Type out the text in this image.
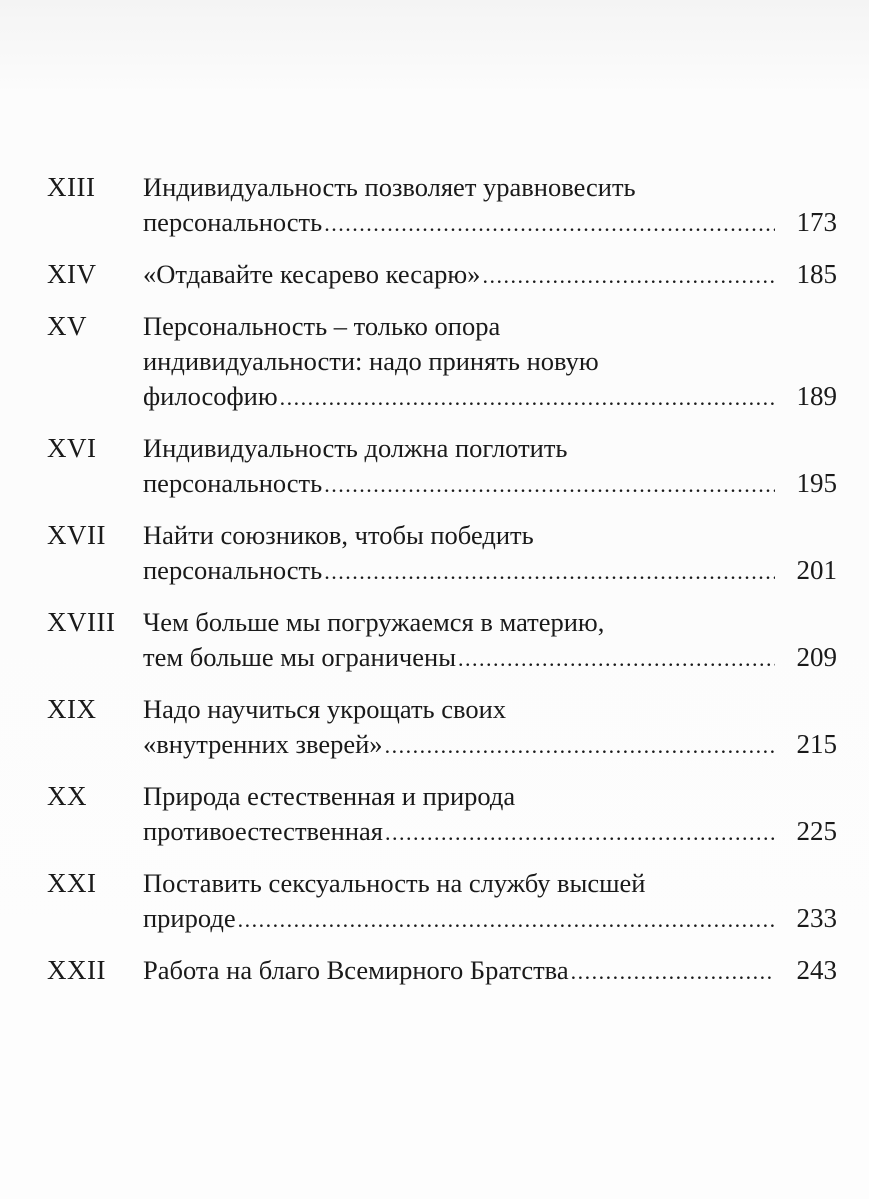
XIII Индивидуальность позволяет уравновесить
персональность .....	173
XIV «Отдавайте кесарево кесарю» .....	185
XV Персональность – только опора
индивидуальности: надо принять новую
философию .....	189
XVI Индивидуальность должна поглотить
персональность .....	195
XVII Найти союзников, чтобы победить
персональность .....	201
XVIII Чем больше мы погружаемся в материю,
тем больше мы ограничены .....	209
XIX Надо научиться укрощать своих
«внутренних зверей» .....	215
XX Природа естественная и природа
противоестественная .....	225
XXI Поставить сексуальность на службу высшей
природе .....	233
XXII Работа на благо Всемирного Братства .....	243
